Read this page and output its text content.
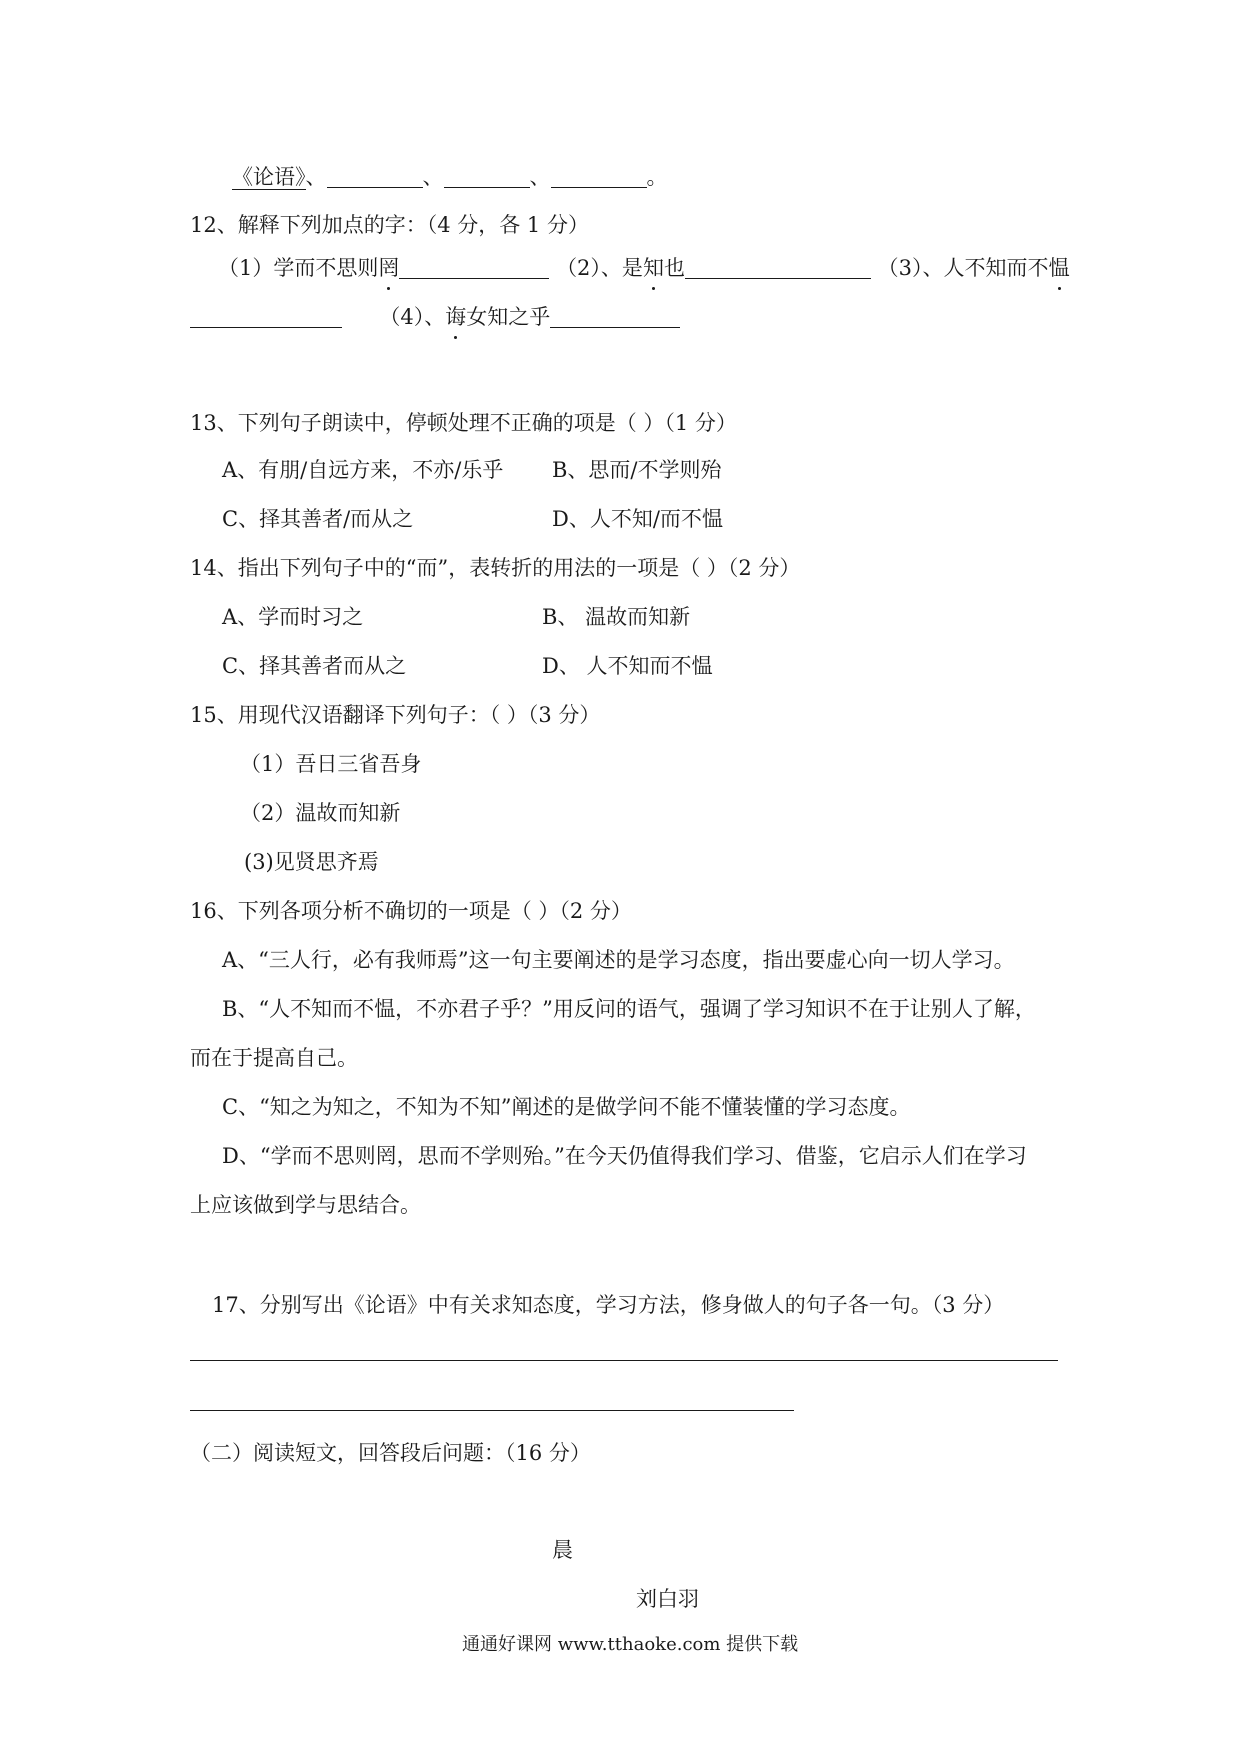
《论语》、	、	、	。
12、解释下列加点的字：（4 分，各 1 分）
（1）学而不思则罔	（2）、是知也	（3）、人不知而不愠
（4）、诲女知之乎
13、下列句子朗读中，停顿处理不正确的项是（ ）（1 分）
A、有朋/自远方来，不亦/乐乎 B、思而/不学则殆
C、择其善者/而从之	D、人不知/而不愠
14、指出下列句子中的“而”，表转折的用法的一项是（ ）（2 分）
A、学而时习之	B、 温故而知新
C、择其善者而从之	D、 人不知而不愠
15、用现代汉语翻译下列句子：（ ）（3 分）
（1）吾日三省吾身
（2）温故而知新
(3)见贤思齐焉
16、下列各项分析不确切的一项是（ ）（2 分）
A、“三人行，必有我师焉”这一句主要阐述的是学习态度，指出要虚心向一切人学习。
B、“人不知而不愠，不亦君子乎？”用反问的语气，强调了学习知识不在于让别人了解，
而在于提高自己。
C、“知之为知之，不知为不知”阐述的是做学问不能不懂装懂的学习态度。
D、“学而不思则罔，思而不学则殆。”在今天仍值得我们学习、借鉴，它启示人们在学习
上应该做到学与思结合。
17、分别写出《论语》中有关求知态度，学习方法，修身做人的句子各一句。（3 分）
（二）阅读短文，回答段后问题：（16 分）
晨
刘白羽
通通好课网 www.tthaoke.com 提供下载
